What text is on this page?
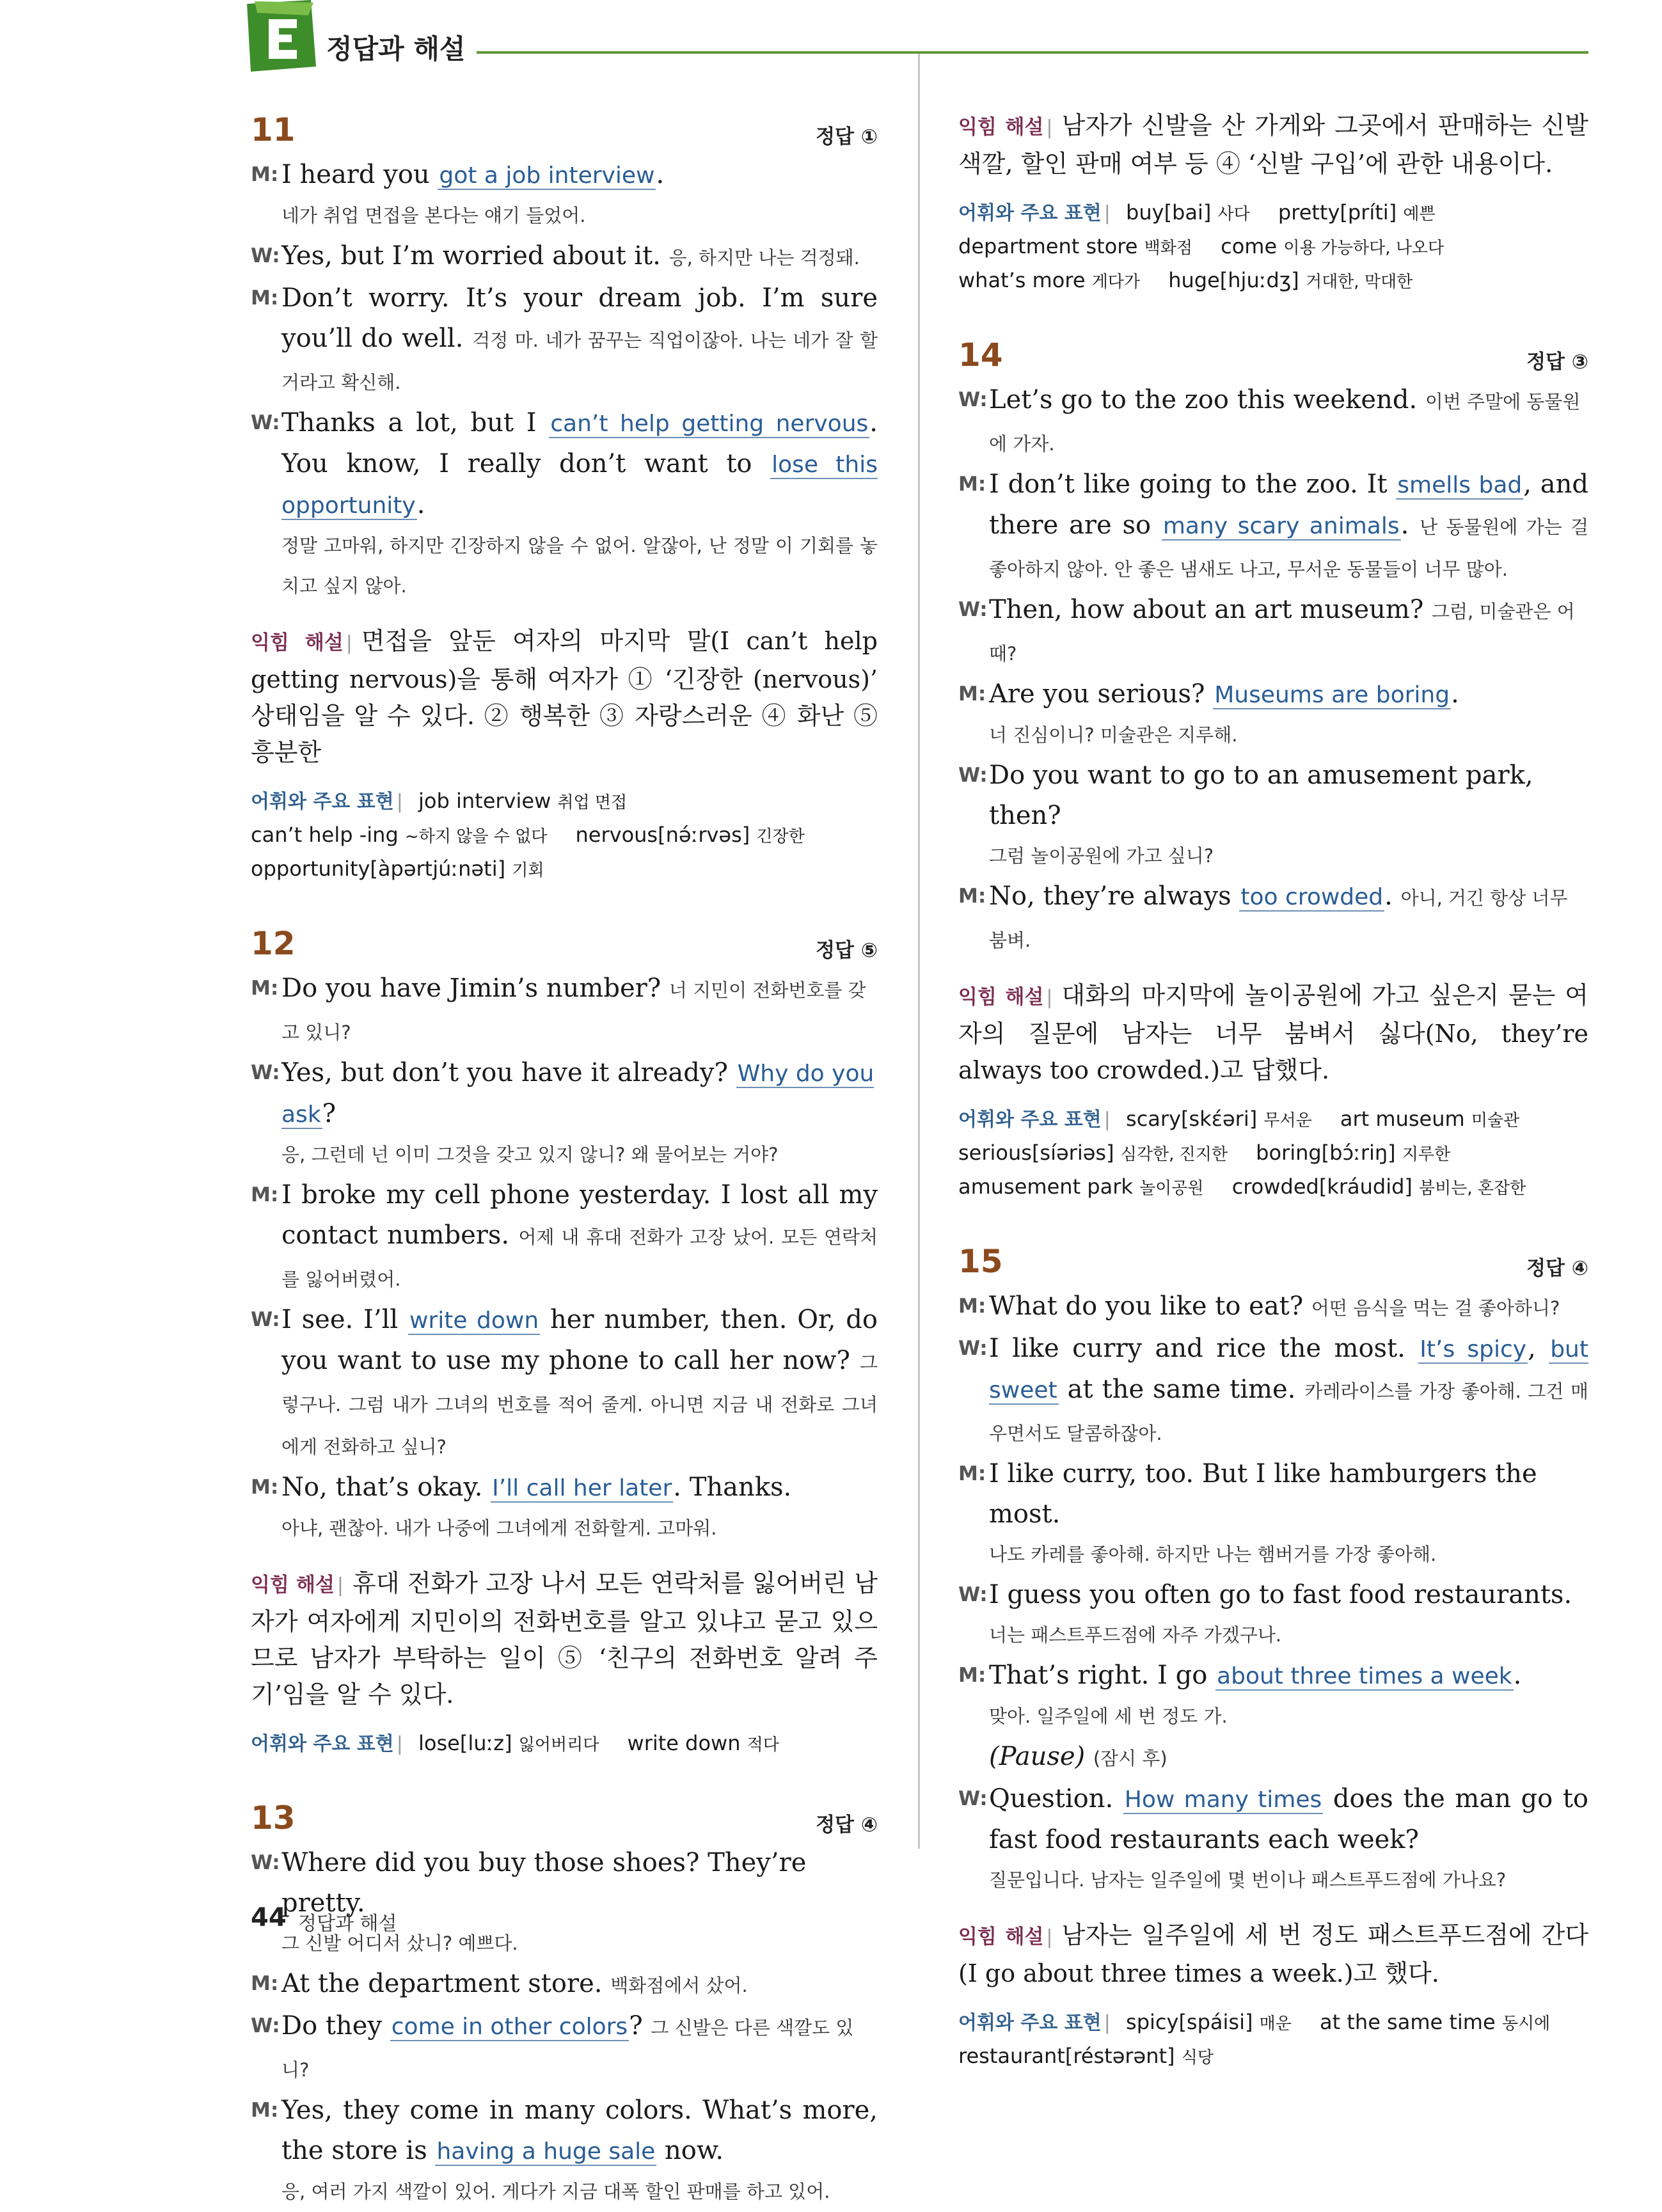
정답과 해설
11	정답 ①
M: I heard you got a job interview.
네가 취업 면접을 본다는 얘기 들었어.
W: Yes, but I’m worried about it. 응, 하지만 나는 걱정돼.
M: Don’t worry. It’s your dream job. I’m sure you’ll do well. 걱정 마. 네가 꿈꾸는 직업이잖아. 나는 네가 잘 할 거라고 확신해.
W: Thanks a lot, but I can’t help getting nervous. You know, I really don’t want to lose this opportunity.
정말 고마워, 하지만 긴장하지 않을 수 없어. 알잖아, 난 정말 이 기회를 놓치고 싶지 않아.
익힘 해설 | 면접을 앞둔 여자의 마지막 말(I can’t help getting nervous)을 통해 여자가 ① ‘긴장한 (nervous)’ 상태임을 알 수 있다. ② 행복한 ③ 자랑스러운 ④ 화난 ⑤ 흥분한
어휘와 주요 표현 | job interview 취업 면접
can’t help -ing ~하지 않을 수 없다 nervous[nə́ːrvəs] 긴장한
opportunity[àpərtjúːnəti] 기회
12	정답 ⑤
M: Do you have Jimin’s number? 너 지민이 전화번호를 갖고 있니?
W: Yes, but don’t you have it already? Why do you ask?
응, 그런데 넌 이미 그것을 갖고 있지 않니? 왜 물어보는 거야?
M: I broke my cell phone yesterday. I lost all my contact numbers. 어제 내 휴대 전화가 고장 났어. 모든 연락처를 잃어버렸어.
W: I see. I’ll write down her number, then. Or, do you want to use my phone to call her now? 그렇구나. 그럼 내가 그녀의 번호를 적어 줄게. 아니면 지금 내 전화로 그녀에게 전화하고 싶니?
M: No, that’s okay. I’ll call her later. Thanks.
아냐, 괜찮아. 내가 나중에 그녀에게 전화할게. 고마워.
익힘 해설 | 휴대 전화가 고장 나서 모든 연락처를 잃어버린 남자가 여자에게 지민이의 전화번호를 알고 있냐고 묻고 있으므로 남자가 부탁하는 일이 ⑤ ‘친구의 전화번호 알려 주기’임을 알 수 있다.
어휘와 주요 표현 | lose[luːz] 잃어버리다 write down 적다
13	정답 ④
W: Where did you buy those shoes? They’re pretty.
그 신발 어디서 샀니? 예쁘다.
M: At the department store. 백화점에서 샀어.
W: Do they come in other colors? 그 신발은 다른 색깔도 있니?
M: Yes, they come in many colors. What’s more, the store is having a huge sale now.
응, 여러 가지 색깔이 있어. 게다가 지금 대폭 할인 판매를 하고 있어.
익힘 해설 | 남자가 신발을 산 가게와 그곳에서 판매하는 신발 색깔, 할인 판매 여부 등 ④ ‘신발 구입’에 관한 내용이다.
어휘와 주요 표현 | buy[bai] 사다 pretty[príti] 예쁜
department store 백화점 come 이용 가능하다, 나오다
what’s more 게다가 huge[hjuːdʒ] 거대한, 막대한
14	정답 ③
W: Let’s go to the zoo this weekend. 이번 주말에 동물원에 가자.
M: I don’t like going to the zoo. It smells bad, and there are so many scary animals. 난 동물원에 가는 걸 좋아하지 않아. 안 좋은 냄새도 나고, 무서운 동물들이 너무 많아.
W: Then, how about an art museum? 그럼, 미술관은 어때?
M: Are you serious? Museums are boring.
너 진심이니? 미술관은 지루해.
W: Do you want to go to an amusement park, then?
그럼 놀이공원에 가고 싶니?
M: No, they’re always too crowded. 아니, 거긴 항상 너무 붐벼.
익힘 해설 | 대화의 마지막에 놀이공원에 가고 싶은지 묻는 여자의 질문에 남자는 너무 붐벼서 싫다(No, they’re always too crowded.)고 답했다.
어휘와 주요 표현 | scary[skέəri] 무서운 art museum 미술관
serious[síəriəs] 심각한, 진지한 boring[bɔ́ːriŋ] 지루한
amusement park 놀이공원 crowded[kráudid] 붐비는, 혼잡한
15	정답 ④
M: What do you like to eat? 어떤 음식을 먹는 걸 좋아하니?
W: I like curry and rice the most. It’s spicy, but sweet at the same time. 카레라이스를 가장 좋아해. 그건 매우면서도 달콤하잖아.
M: I like curry, too. But I like hamburgers the most.
나도 카레를 좋아해. 하지만 나는 햄버거를 가장 좋아해.
W: I guess you often go to fast food restaurants.
너는 패스트푸드점에 자주 가겠구나.
M: That’s right. I go about three times a week.
맞아. 일주일에 세 번 정도 가.
(Pause) (잠시 후)
W: Question. How many times does the man go to fast food restaurants each week?
질문입니다. 남자는 일주일에 몇 번이나 패스트푸드점에 가나요?
익힘 해설 | 남자는 일주일에 세 번 정도 패스트푸드점에 간다(I go about three times a week.)고 했다.
어휘와 주요 표현 | spicy[spáisi] 매운 at the same time 동시에
restaurant[réstərənt] 식당
44 정답과 해설
